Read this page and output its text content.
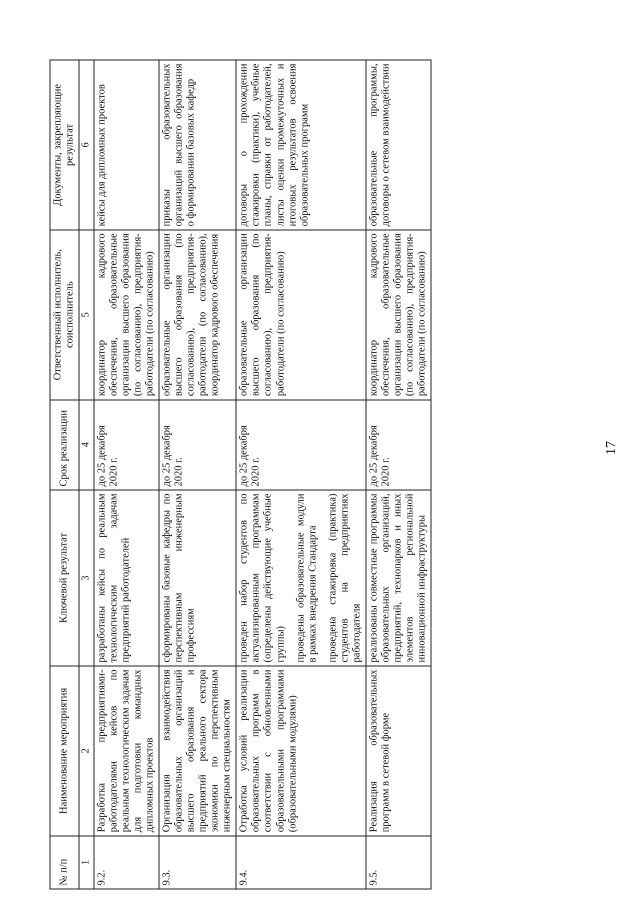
17
№ п/п	Наименование мероприятия	Ключевой результат	Срок реализации	Ответственный исполнитель, соисполнитель	Документы, закрепляющие результат
1	2	3	4	5	6
9.2.	Разработка предприятиями-работодателями кейсов по реальным технологическим задачам для подготовки командных дипломных проектов	разработаны кейсы по реальным технологическим задачам предприятий работодателей	до 25 декабря 2020 г.	координатор кадрового обеспечения, образовательные организации высшего образования (по согласованию), предприятия-работодатели (по согласованию)	кейсы для дипломных проектов
9.3.	Организация взаимодействия образовательных организаций высшего образования и предприятий реального сектора экономики по перспективным инженерным специальностям	сформированы базовые кафедры по перспективным инженерным профессиям	до 25 декабря 2020 г.	образовательные организации высшего образования (по согласованию), предприятия-работодатели (по согласованию), координатор кадрового обеспечения	приказы образовательных организаций высшего образования о формировании базовых кафедр
9.4.	Отработка условий реализации образовательных программ в соответствии с обновленными образовательными программами (образовательными модулями)	проведен набор студентов по актуализированным программам (определены действующие учебные группы) проведены образовательные модули в рамках внедрения Стандарта проведена стажировка (практика) студентов на предприятиях работодателя	до 25 декабря 2020 г.	образовательные организации высшего образования (по согласованию), предприятия-работодатели (по согласованию)	договоры о прохождении стажировки (практики), учебные планы, справки от работодателей, листы оценки промежуточных и итоговых результатов освоения образовательных программ
9.5.	Реализация образовательных программ в сетевой форме	реализованы совместные программы образовательных организаций, предприятий, технопарков и иных элементов региональной инновационной инфраструктуры	до 25 декабря 2020 г.	координатор кадрового обеспечения, образовательные организации высшего образования (по согласованию), предприятия-работодатели (по согласованию)	образовательные программы, договоры о сетевом взаимодействии
